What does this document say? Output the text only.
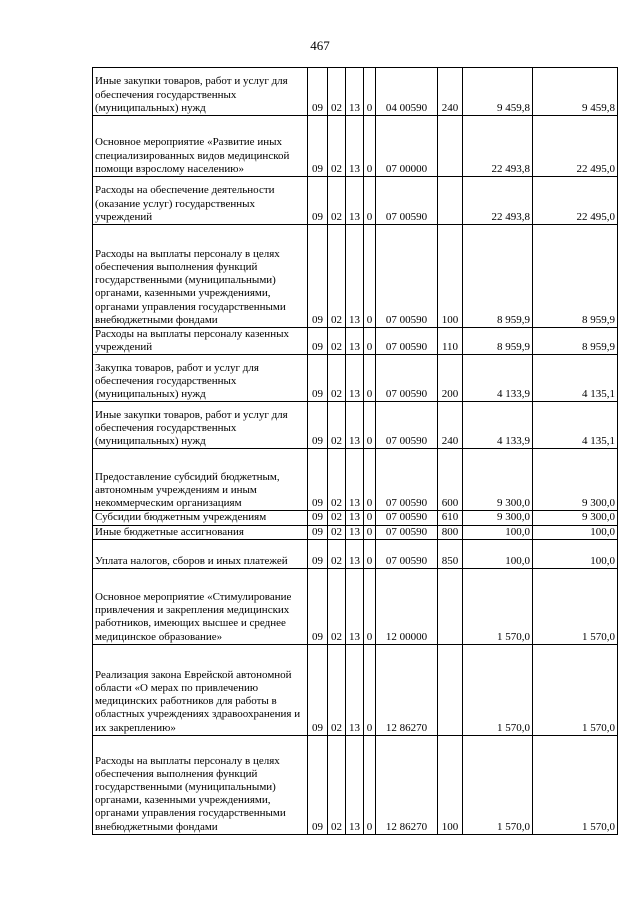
467
Иные закупки товаров, работ и услуг для обеспечения государственных (муниципальных) нужд	09	02	13	0	04 00590	240	9 459,8	9 459,8
Основное мероприятие «Развитие иных специализированных видов медицинской помощи взрослому населению»	09	02	13	0	07 00000		22 493,8	22 495,0
Расходы на обеспечение деятельности (оказание услуг) государственных учреждений	09	02	13	0	07 00590		22 493,8	22 495,0
Расходы на выплаты персоналу в целях обеспечения выполнения функций государственными (муниципальными) органами, казенными учреждениями, органами управления государственными внебюджетными фондами	09	02	13	0	07 00590	100	8 959,9	8 959,9
Расходы на выплаты персоналу казенных учреждений	09	02	13	0	07 00590	110	8 959,9	8 959,9
Закупка товаров, работ и услуг для обеспечения государственных (муниципальных) нужд	09	02	13	0	07 00590	200	4 133,9	4 135,1
Иные закупки товаров, работ и услуг для обеспечения государственных (муниципальных) нужд	09	02	13	0	07 00590	240	4 133,9	4 135,1
Предоставление субсидий бюджетным, автономным учреждениям и иным некоммерческим организациям	09	02	13	0	07 00590	600	9 300,0	9 300,0
Субсидии бюджетным учреждениям	09	02	13	0	07 00590	610	9 300,0	9 300,0
Иные бюджетные ассигнования	09	02	13	0	07 00590	800	100,0	100,0
Уплата налогов, сборов и иных платежей	09	02	13	0	07 00590	850	100,0	100,0
Основное мероприятие «Стимулирование привлечения и закрепления медицинских работников, имеющих высшее и среднее медицинское образование»	09	02	13	0	12 00000		1 570,0	1 570,0
Реализация закона Еврейской автономной области «О мерах по привлечению медицинских работников для работы в областных учреждениях здравоохранения и их закреплению»	09	02	13	0	12 86270		1 570,0	1 570,0
Расходы на выплаты персоналу в целях обеспечения выполнения функций государственными (муниципальными) органами, казенными учреждениями, органами управления государственными внебюджетными фондами	09	02	13	0	12 86270	100	1 570,0	1 570,0
